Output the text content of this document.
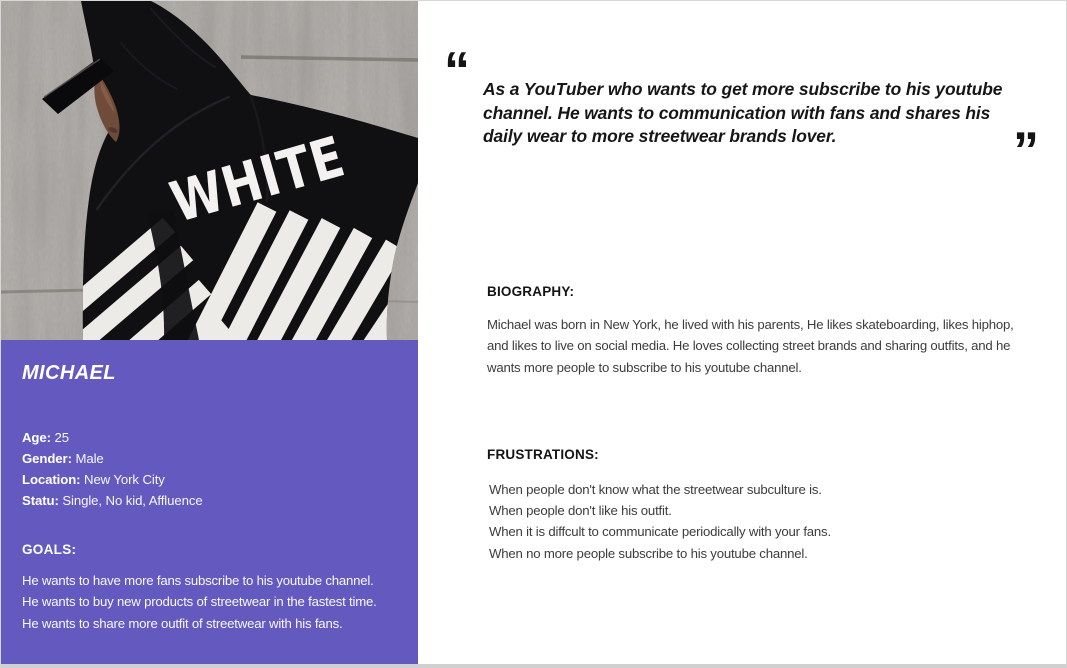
WHITE
MICHAEL
Age: 25
Gender: Male
Location: New York City
Statu: Single, No kid, Affluence
GOALS:
He wants to have more fans subscribe to his youtube channel.
He wants to buy new products of streetwear in the fastest time.
He wants to share more outfit of streetwear with his fans.
“ As a YouTuber who wants to get more subscribe to his youtube channel. He wants to communication with fans and shares his daily wear to more streetwear brands lover.	”
BIOGRAPHY:
Michael was born in New York, he lived with his parents, He likes skateboarding, likes hiphop, and likes to live on social media. He loves collecting street brands and sharing outfits, and he wants more people to subscribe to his youtube channel.
FRUSTRATIONS:
When people don't know what the streetwear subculture is.
When people don't like his outfit.
When it is diffcult to communicate periodically with your fans.
When no more people subscribe to his youtube channel.
